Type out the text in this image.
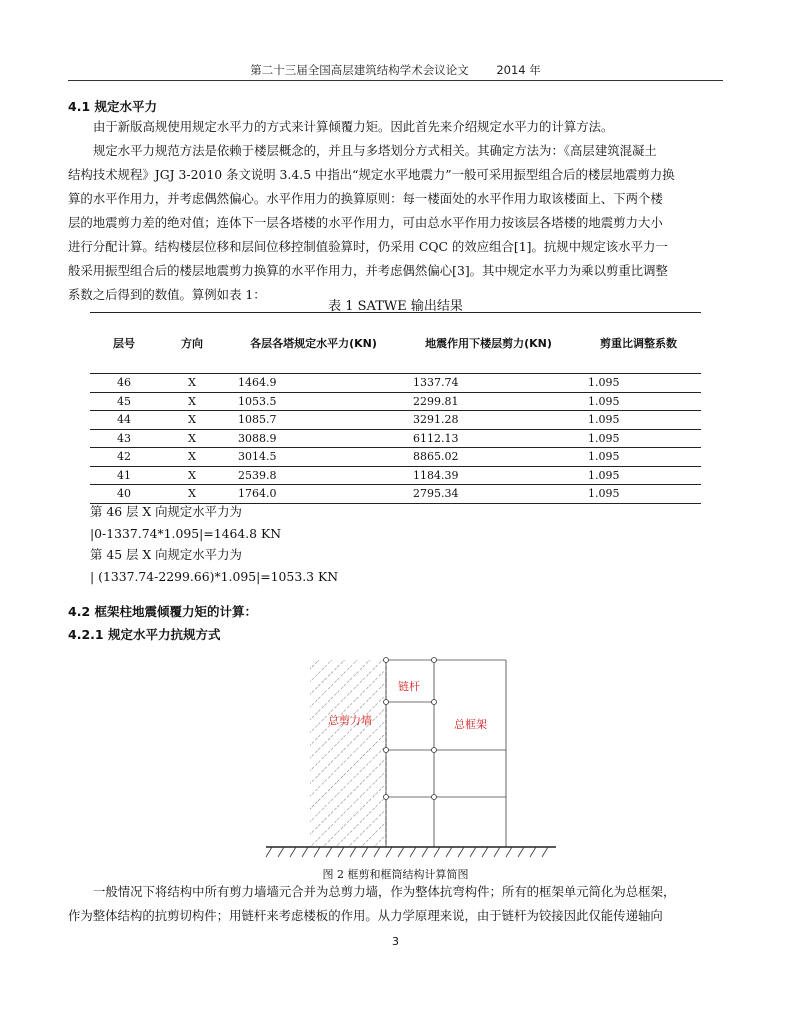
第二十三届全国高层建筑结构学术会议论文 2014 年
4.1 规定水平力

由于新版高规使用规定水平力的方式来计算倾覆力矩。因此首先来介绍规定水平力的计算方法。

规定水平力规范方法是依赖于楼层概念的，并且与多塔划分方式相关。其确定方法为：《高层建筑混凝土

结构技术规程》JGJ 3-2010 条文说明 3.4.5 中指出“规定水平地震力”一般可采用振型组合后的楼层地震剪力换

算的水平作用力，并考虑偶然偏心。水平作用力的换算原则：每一楼面处的水平作用力取该楼面上、下两个楼

层的地震剪力差的绝对值；连体下一层各塔楼的水平作用力，可由总水平作用力按该层各塔楼的地震剪力大小

进行分配计算。结构楼层位移和层间位移控制值验算时，仍采用 CQC 的效应组合[1]。抗规中规定该水平力一

般采用振型组合后的楼层地震剪力换算的水平作用力，并考虑偶然偏心[3]。其中规定水平力为乘以剪重比调整

系数之后得到的数值。算例如表 1：

表 1 SATWE 输出结果
层号	方向	各层各塔规定水平力(KN)	地震作用下楼层剪力(KN)	剪重比调整系数
46	X	1464.9	1337.74	1.095
45	X	1053.5	2299.81	1.095
44	X	1085.7	3291.28	1.095
43	X	3088.9	6112.13	1.095
42	X	3014.5	8865.02	1.095
41	X	2539.8	1184.39	1.095
40	X	1764.0	2795.34	1.095

第 46 层 X 向规定水平力为

|0-1337.74*1.095|=1464.8 KN

第 45 层 X 向规定水平力为

| (1337.74-2299.66)*1.095|=1053.3 KN

4.2 框架柱地震倾覆力矩的计算：
4.2.1 规定水平力抗规方式
总剪力墙
链杆
总框架
图 2 框剪和框筒结构计算简图

一般情况下将结构中所有剪力墙墙元合并为总剪力墙，作为整体抗弯构件；所有的框架单元简化为总框架，

作为整体结构的抗剪切构件；用链杆来考虑楼板的作用。从力学原理来说，由于链杆为铰接因此仅能传递轴向

3
